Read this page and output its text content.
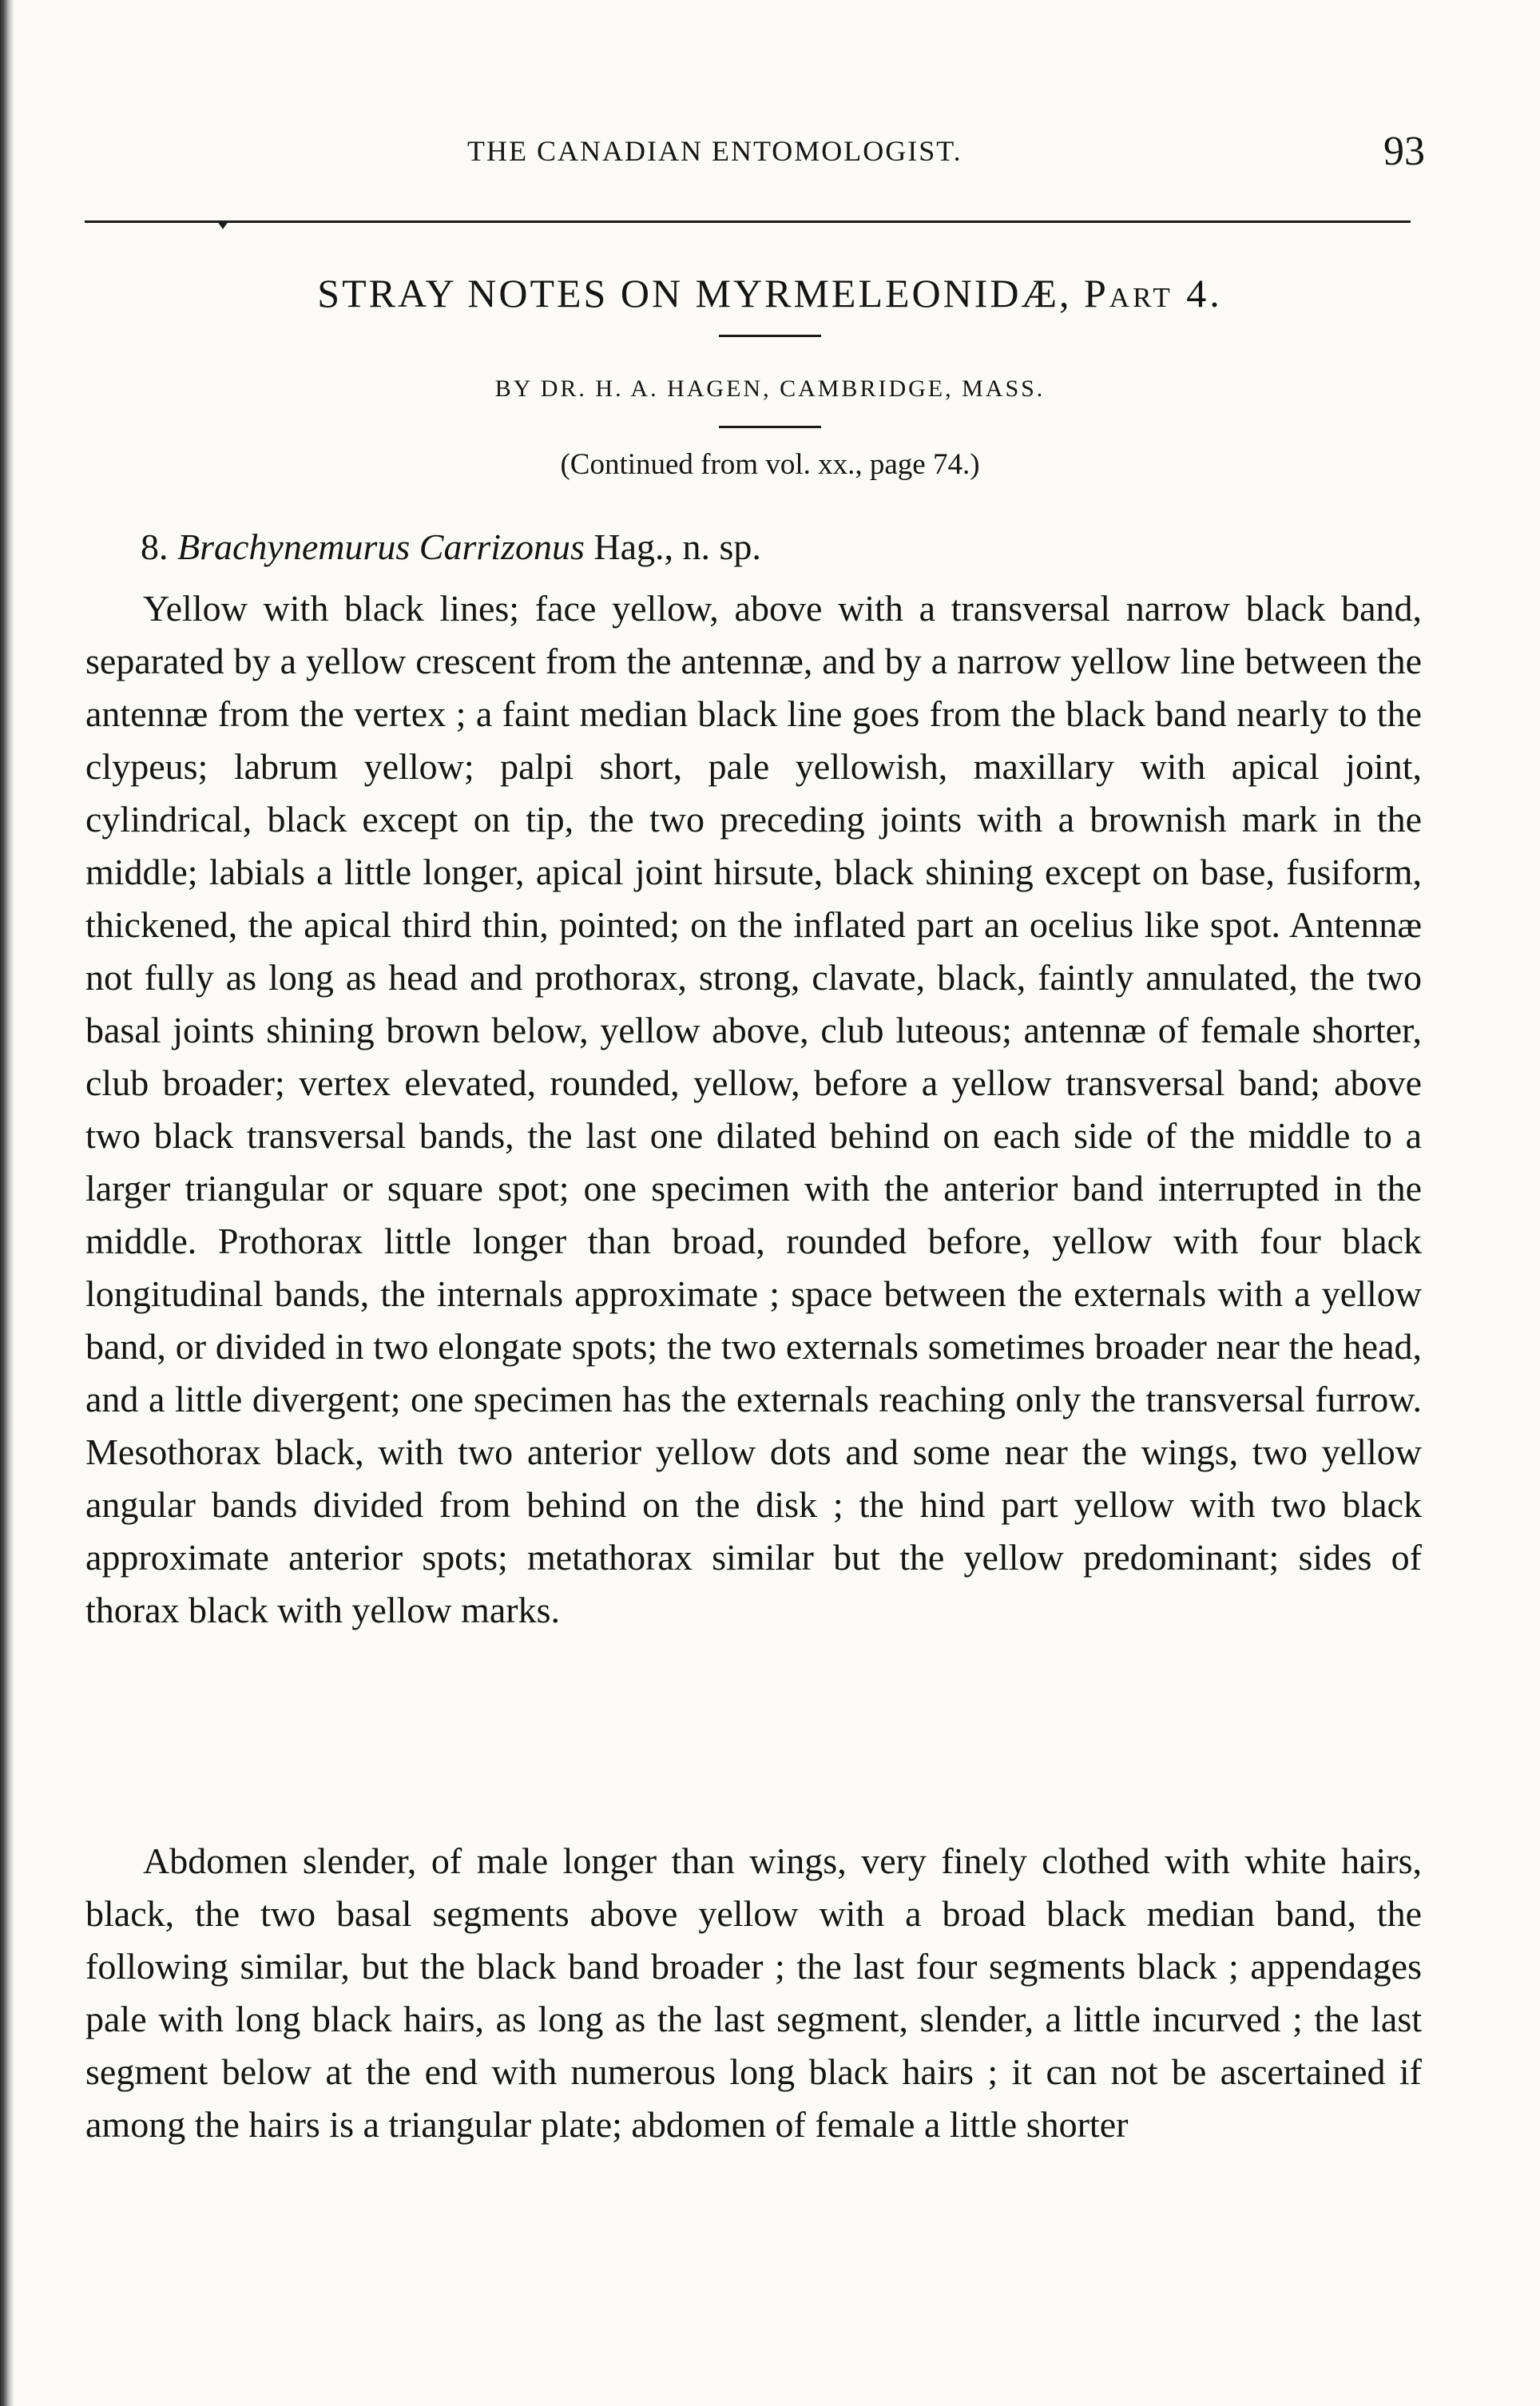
THE CANADIAN ENTOMOLOGIST.	93
STRAY NOTES ON MYRMELEONIDÆ, Part 4.
BY DR. H. A. HAGEN, CAMBRIDGE, MASS.
(Continued from vol. xx., page 74.)
8. Brachynemurus Carrizonus Hag., n. sp.

Yellow with black lines; face yellow, above with a transversal narrow black band, separated by a yellow crescent from the antennæ, and by a narrow yellow line between the antennæ from the vertex ; a faint median black line goes from the black band nearly to the clypeus; labrum yellow; palpi short, pale yellowish, maxillary with apical joint, cylindrical, black except on tip, the two preceding joints with a brownish mark in the middle; labials a little longer, apical joint hirsute, black shining except on base, fusiform, thickened, the apical third thin, pointed; on the inflated part an ocelius like spot. Antennæ not fully as long as head and prothorax, strong, clavate, black, faintly annulated, the two basal joints shining brown below, yellow above, club luteous; antennæ of female shorter, club broader; vertex elevated, rounded, yellow, before a yellow transversal band; above two black transversal bands, the last one dilated behind on each side of the middle to a larger triangular or square spot; one specimen with the anterior band interrupted in the middle. Prothorax little longer than broad, rounded before, yellow with four black longitudinal bands, the internals approximate ; space between the externals with a yellow band, or divided in two elongate spots; the two externals sometimes broader near the head, and a little divergent; one specimen has the externals reaching only the transversal furrow. Mesothorax black, with two anterior yellow dots and some near the wings, two yellow angular bands divided from behind on the disk ; the hind part yellow with two black approximate anterior spots; metathorax similar but the yellow predominant; sides of thorax black with yellow marks.

Abdomen slender, of male longer than wings, very finely clothed with white hairs, black, the two basal segments above yellow with a broad black median band, the following similar, but the black band broader ; the last four segments black ; appendages pale with long black hairs, as long as the last segment, slender, a little incurved ; the last segment below at the end with numerous long black hairs ; it can not be ascertained if among the hairs is a triangular plate; abdomen of female a little shorter
